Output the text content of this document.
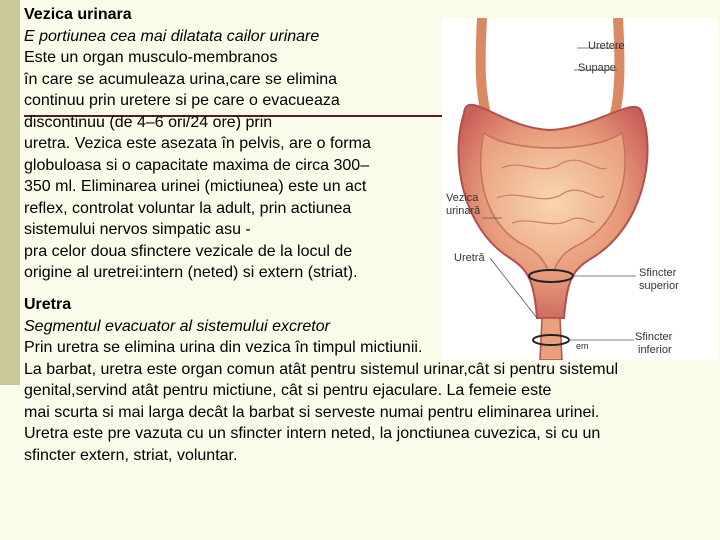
Vezica urinara
E portiunea cea mai dilatata cailor urinare
Este un organ musculo-membranos
în care se acumuleaza urina,care se elimina
continuu prin uretere si pe care o evacueaza
discontinuu (de 4–6 ori/24 ore) prin
uretra. Vezica este asezata în pelvis, are o forma
globuloasa si o capacitate maxima de circa 300–
350 ml. Eliminarea urinei (mictiunea) este un act
reflex, controlat voluntar la adult, prin actiunea
sistemului nervos simpatic asu -
pra celor doua sfinctere vezicale de la locul de
origine al uretrei:intern (neted) si extern (striat).
Uretere
Supape
Vezica
urinară
Uretră
Sfincter
superior
Sfincter
inferior
em
Uretra
Segmentul evacuator al sistemului excretor
Prin uretra se elimina urina din vezica în timpul mictiunii.
La barbat, uretra este organ comun atât pentru sistemul urinar,cât si pentru sistemul
genital,servind atât pentru mictiune, cât si pentru ejaculare. La femeie este
mai scurta si mai larga decât la barbat si serveste numai pentru eliminarea urinei.
Uretra este pre vazuta cu un sfincter intern neted, la jonctiunea cuvezica, si cu un
sfincter extern, striat, voluntar.
